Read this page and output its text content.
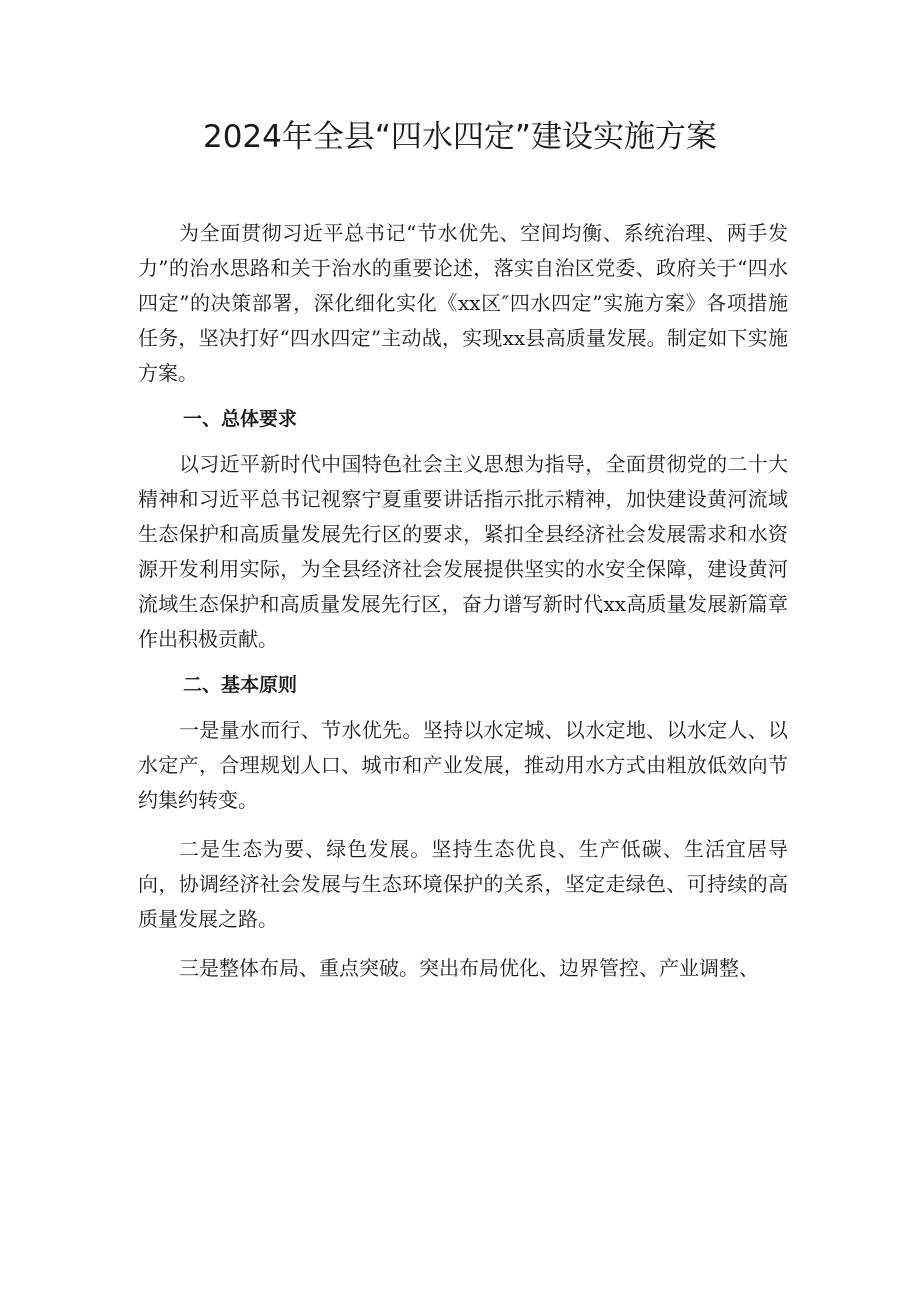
2024年全县“四水四定”建设实施方案

为全面贯彻习近平总书记“节水优先、空间均衡、系统治理、两手发力”的治水思路和关于治水的重要论述，落实自治区党委、政府关于“四水四定”的决策部署，深化细化实化《xx区″四水四定”实施方案》各项措施任务，坚决打好“四水四定”主动战，实现xx县高质量发展。制定如下实施方案。

一、总体要求

以习近平新时代中国特色社会主义思想为指导，全面贯彻党的二十大精神和习近平总书记视察宁夏重要讲话指示批示精神，加快建设黄河流域生态保护和高质量发展先行区的要求，紧扣全县经济社会发展需求和水资源开发利用实际，为全县经济社会发展提供坚实的水安全保障，建设黄河流域生态保护和高质量发展先行区，奋力谱写新时代xx高质量发展新篇章作出积极贡献。

二、基本原则

一是量水而行、节水优先。坚持以水定城、以水定地、以水定人、以水定产，合理规划人口、城市和产业发展，推动用水方式由粗放低效向节约集约转变。

二是生态为要、绿色发展。坚持生态优良、生产低碳、生活宜居导向，协调经济社会发展与生态环境保护的关系，坚定走绿色、可持续的高质量发展之路。

三是整体布局、重点突破。突出布局优化、边界管控、产业调整、
